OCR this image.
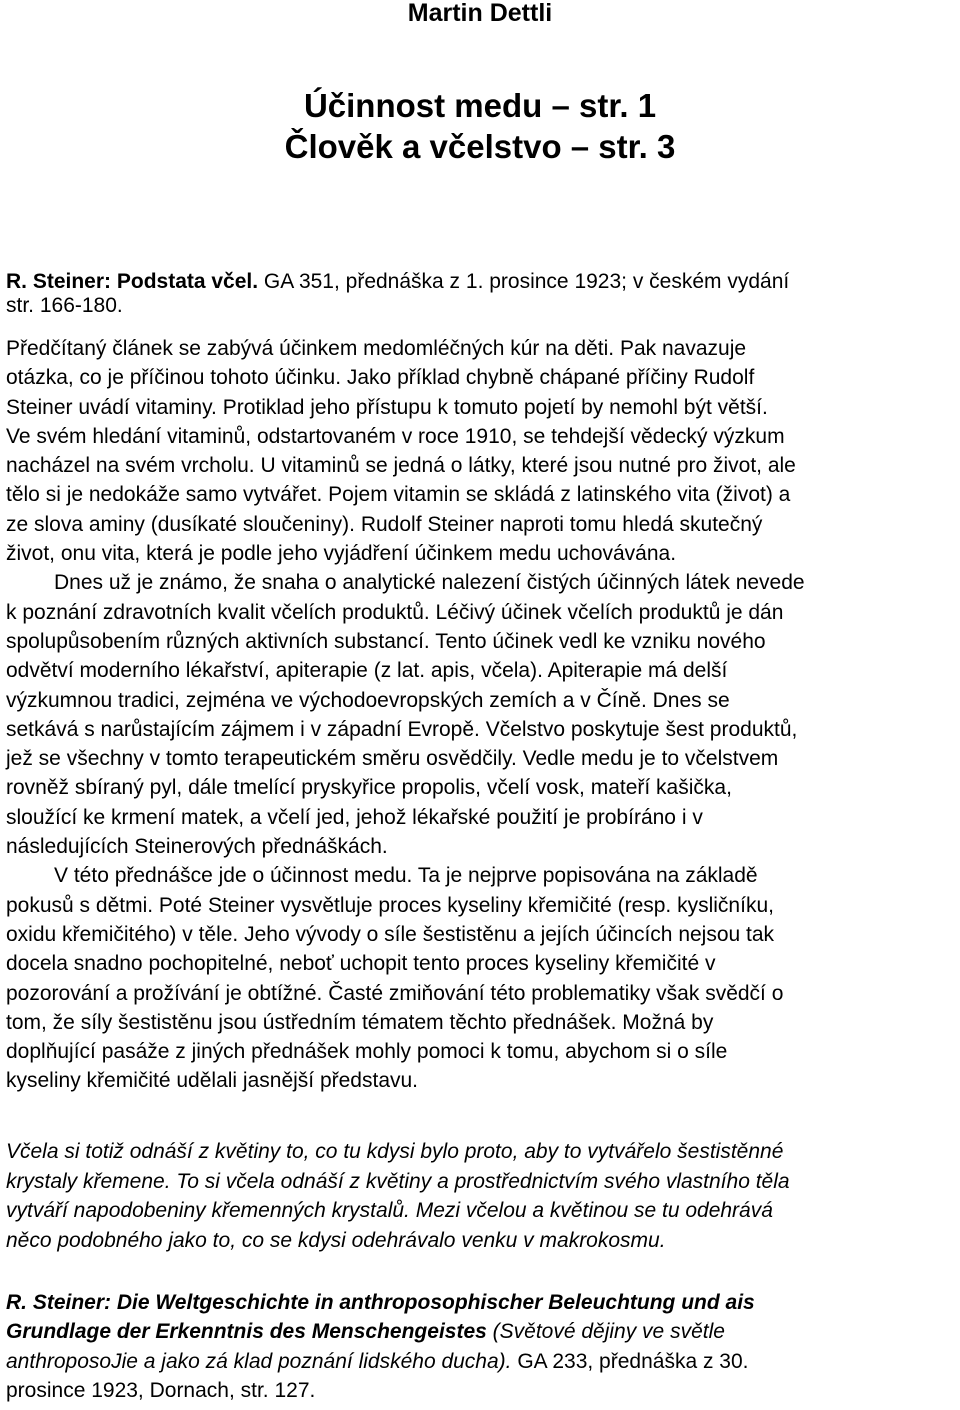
Martin Dettli
Účinnost medu – str. 1
Člověk a včelstvo – str. 3
R. Steiner: Podstata včel. GA 351, přednáška z 1. prosince 1923; v českém vydání
str. 166-180.
Předčítaný článek se zabývá účinkem medomléčných kúr na děti. Pak navazuje
otázka, co je příčinou tohoto účinku. Jako příklad chybně chápané příčiny Rudolf
Steiner uvádí vitaminy. Protiklad jeho přístupu k tomuto pojetí by nemohl být větší.
Ve svém hledání vitaminů, odstartovaném v roce 1910, se tehdejší vědecký výzkum
nacházel na svém vrcholu. U vitaminů se jedná o látky, které jsou nutné pro život, ale
tělo si je nedokáže samo vytvářet. Pojem vitamin se skládá z latinského vita (život) a
ze slova aminy (dusíkaté sloučeniny). Rudolf Steiner naproti tomu hledá skutečný
život, onu vita, která je podle jeho vyjádření účinkem medu uchovávána.
Dnes už je známo, že snaha o analytické nalezení čistých účinných látek nevede
k poznání zdravotních kvalit včelích produktů. Léčivý účinek včelích produktů je dán
spolupůsobením různých aktivních substancí. Tento účinek vedl ke vzniku nového
odvětví moderního lékařství, apiterapie (z lat. apis, včela). Apiterapie má delší
výzkumnou tradici, zejména ve východoevropských zemích a v Číně. Dnes se
setkává s narůstajícím zájmem i v západní Evropě. Včelstvo poskytuje šest produktů,
jež se všechny v tomto terapeutickém směru osvědčily. Vedle medu je to včelstvem
rovněž sbíraný pyl, dále tmelící pryskyřice propolis, včelí vosk, mateří kašička,
sloužící ke krmení matek, a včelí jed, jehož lékařské použití je probíráno i v
následujících Steinerových přednáškách.
V této přednášce jde o účinnost medu. Ta je nejprve popisována na základě
pokusů s dětmi. Poté Steiner vysvětluje proces kyseliny křemičité (resp. kysličníku,
oxidu křemičitého) v těle. Jeho vývody o síle šestistěnu a jejích účincích nejsou tak
docela snadno pochopitelné, neboť uchopit tento proces kyseliny křemičité v
pozorování a prožívání je obtížné. Časté zmiňování této problematiky však svědčí o
tom, že síly šestistěnu jsou ústředním tématem těchto přednášek. Možná by
doplňující pasáže z jiných přednášek mohly pomoci k tomu, abychom si o síle
kyseliny křemičité udělali jasnější představu.
Včela si totiž odnáší z květiny to, co tu kdysi bylo proto, aby to vytvářelo šestistěnné
krystaly křemene. To si včela odnáší z květiny a prostřednictvím svého vlastního těla
vytváří napodobeniny křemenných krystalů. Mezi včelou a květinou se tu odehrává
něco podobného jako to, co se kdysi odehrávalo venku v makrokosmu.
R. Steiner: Die Weltgeschichte in anthroposophischer Beleuchtung und ais
Grundlage der Erkenntnis des Menschengeistes (Světové dějiny ve světle
anthroposoJie a jako zá klad poznání lidského ducha). GA 233, přednáška z 30.
prosince 1923, Dornach, str. 127.
